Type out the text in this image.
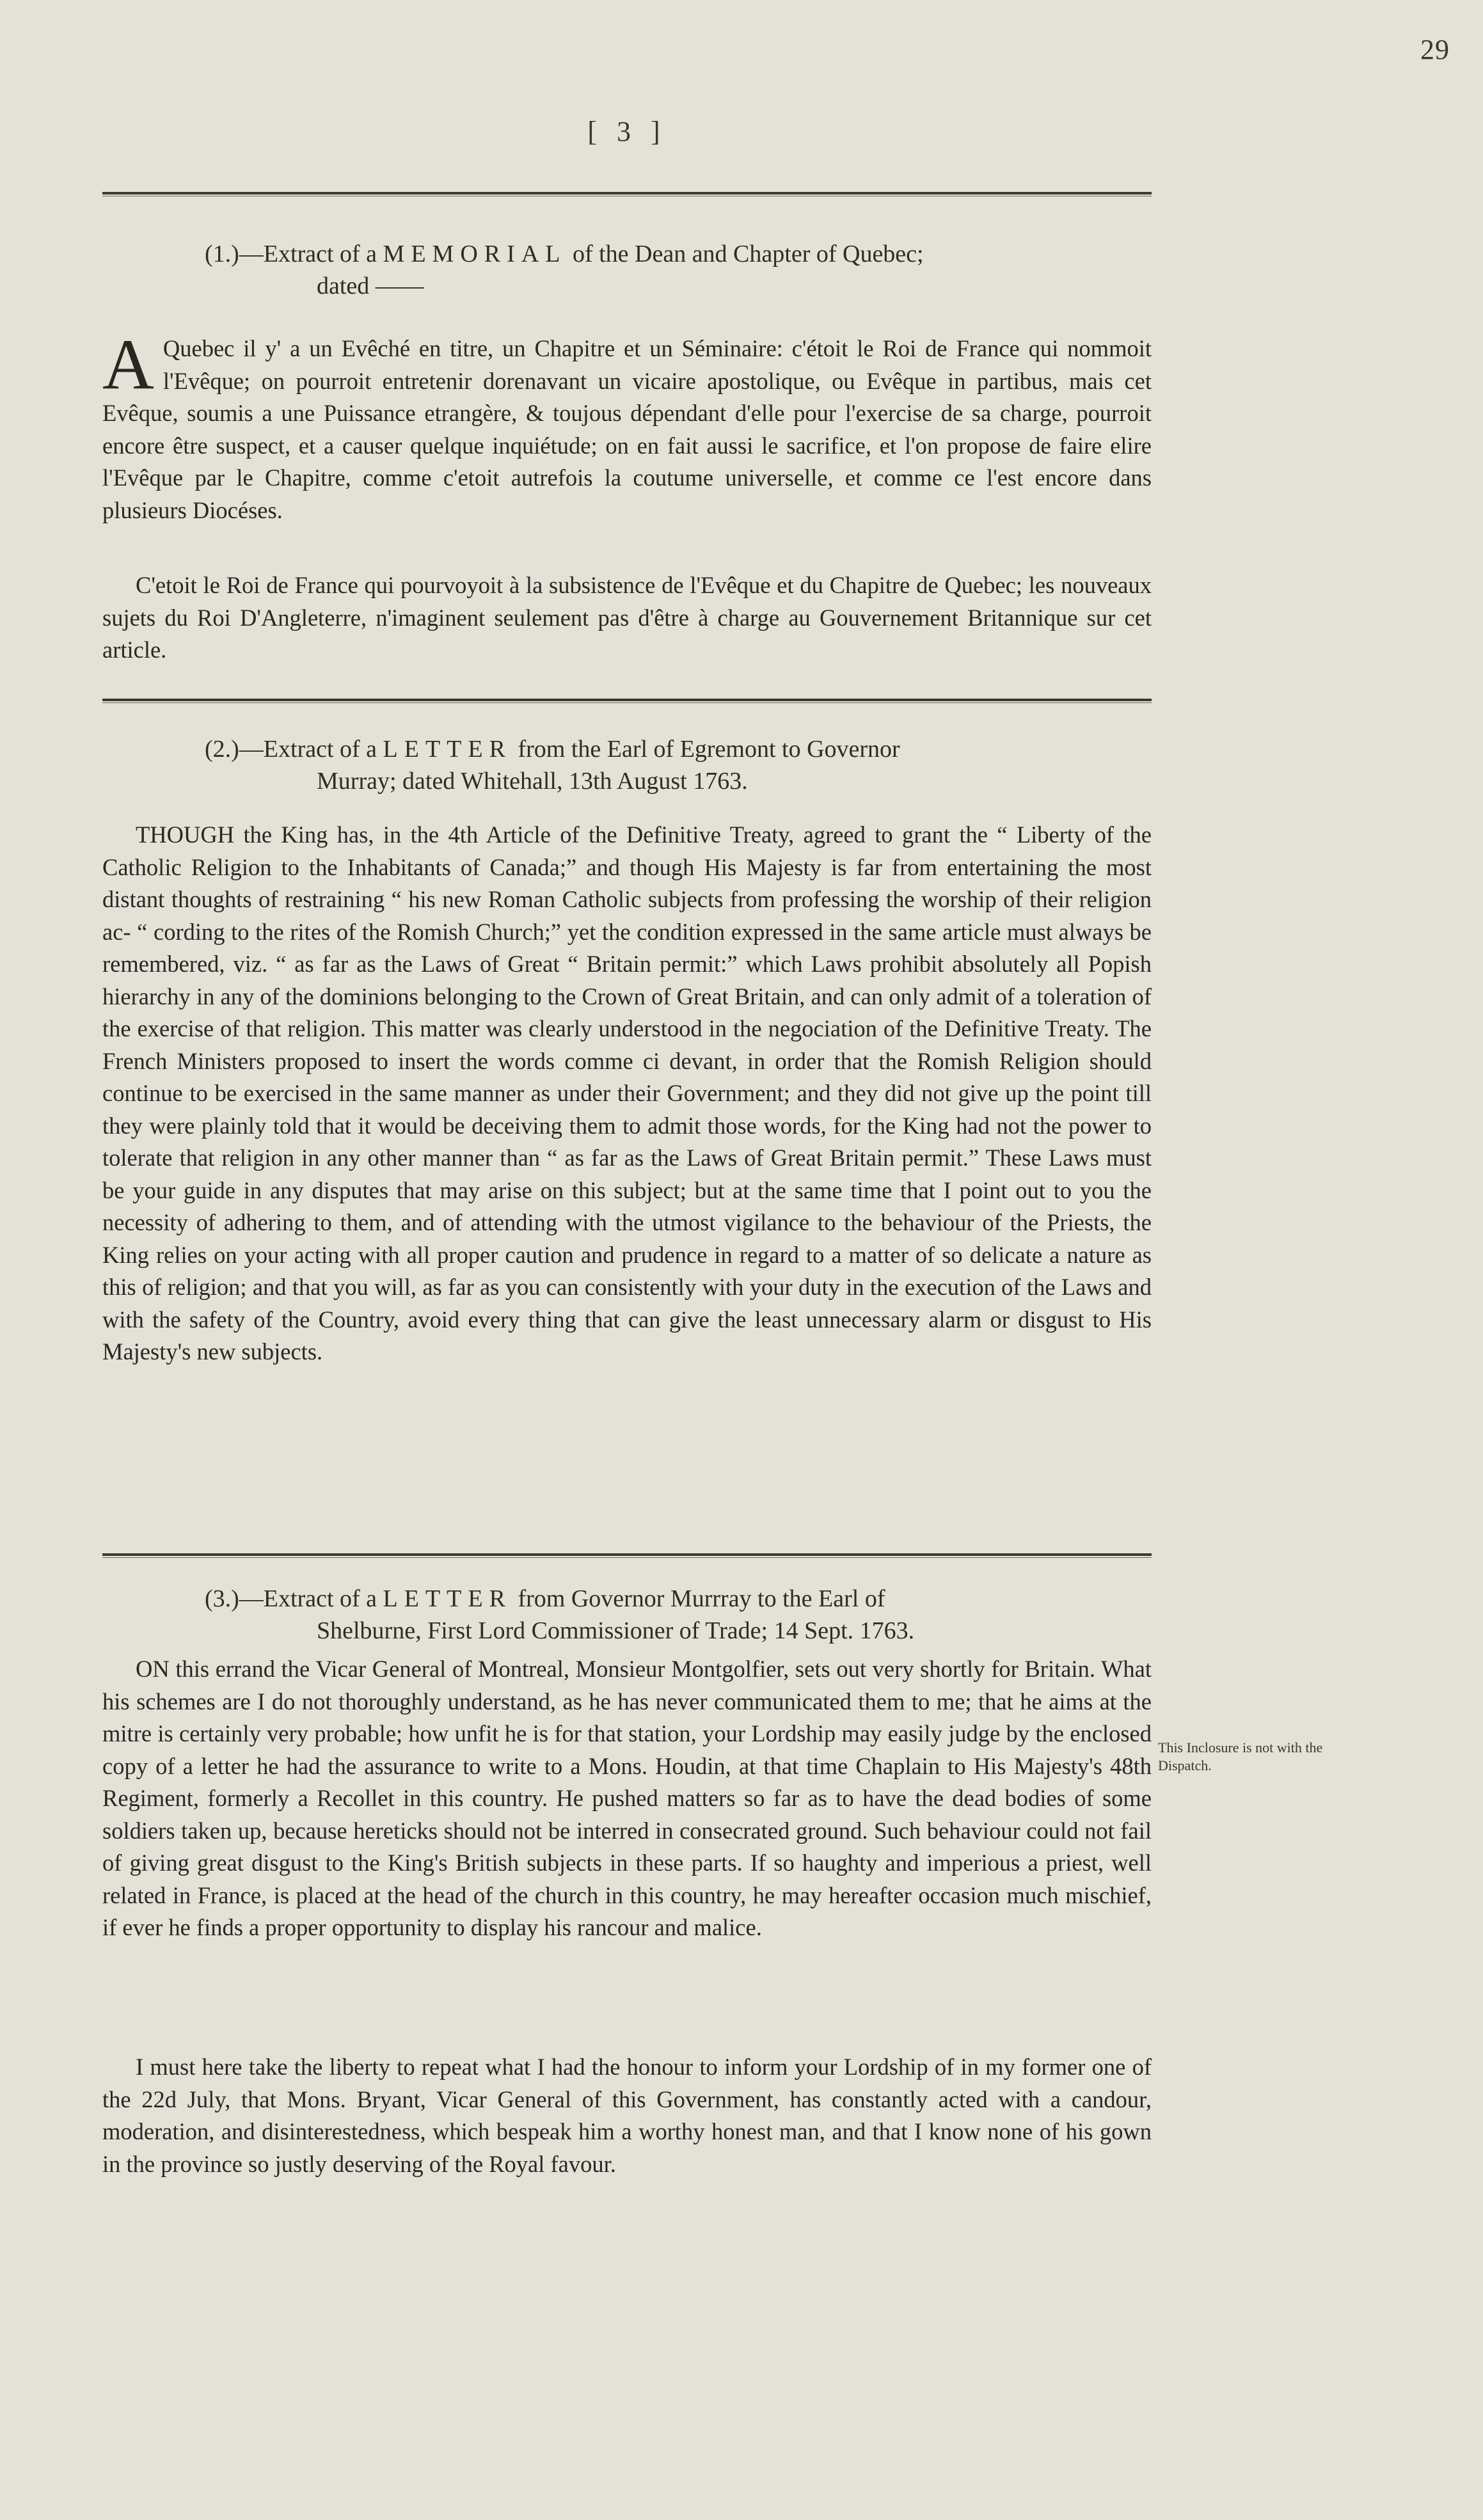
29
[ 3 ]
(1.)—Extract of a MEMORIAL of the Dean and Chapter of Quebec;
dated ——

A Quebec il y' a un Evêché en titre, un Chapitre et un Séminaire: c'étoit le Roi de France qui nommoit l'Evêque; on pourroit entretenir dorenavant un vicaire apostolique, ou Evêque in partibus, mais cet Evêque, soumis a une Puissance etrangère, & toujous dépendant d'elle pour l'exercise de sa charge, pourroit encore être suspect, et a causer quelque inquiétude; on en fait aussi le sacrifice, et l'on propose de faire elire l'Evêque par le Chapitre, comme c'etoit autrefois la coutume universelle, et comme ce l'est encore dans plusieurs Diocéses.

C'etoit le Roi de France qui pourvoyoit à la subsistence de l'Evêque et du Chapitre de Quebec; les nouveaux sujets du Roi D'Angleterre, n'imaginent seulement pas d'être à charge au Gouvernement Britannique sur cet article.

(2.)—Extract of a LETTER from the Earl of Egremont to Governor
Murray; dated Whitehall, 13th August 1763.

THOUGH the King has, in the 4th Article of the Definitive Treaty, agreed to grant the “ Liberty of the Catholic Religion to the Inhabitants of Canada;” and though His Majesty is far from entertaining the most distant thoughts of restraining “ his new Roman Catholic subjects from professing the worship of their religion ac- “ cording to the rites of the Romish Church;” yet the condition expressed in the same article must always be remembered, viz. “ as far as the Laws of Great “ Britain permit:” which Laws prohibit absolutely all Popish hierarchy in any of the dominions belonging to the Crown of Great Britain, and can only admit of a toleration of the exercise of that religion. This matter was clearly understood in the negociation of the Definitive Treaty. The French Ministers proposed to insert the words comme ci devant, in order that the Romish Religion should continue to be exercised in the same manner as under their Government; and they did not give up the point till they were plainly told that it would be deceiving them to admit those words, for the King had not the power to tolerate that religion in any other manner than “ as far as the Laws of Great Britain permit.” These Laws must be your guide in any disputes that may arise on this subject; but at the same time that I point out to you the necessity of adhering to them, and of attending with the utmost vigilance to the behaviour of the Priests, the King relies on your acting with all proper caution and prudence in regard to a matter of so delicate a nature as this of religion; and that you will, as far as you can consistently with your duty in the execution of the Laws and with the safety of the Country, avoid every thing that can give the least unnecessary alarm or disgust to His Majesty's new subjects.

(3.)—Extract of a LETTER from Governor Murrray to the Earl of
Shelburne, First Lord Commissioner of Trade; 14 Sept. 1763.

ON this errand the Vicar General of Montreal, Monsieur Montgolfier, sets out very shortly for Britain. What his schemes are I do not thoroughly understand, as he has never communicated them to me; that he aims at the mitre is certainly very probable; how unfit he is for that station, your Lordship may easily judge by the enclosed copy of a letter he had the assurance to write to a Mons. Houdin, at that time Chaplain to His Majesty's 48th Regiment, formerly a Recollet in this country. He pushed matters so far as to have the dead bodies of some soldiers taken up, because hereticks should not be interred in consecrated ground. Such behaviour could not fail of giving great disgust to the King's British subjects in these parts. If so haughty and imperious a priest, well related in France, is placed at the head of the church in this country, he may hereafter occasion much mischief, if ever he finds a proper opportunity to display his rancour and malice.

I must here take the liberty to repeat what I had the honour to inform your Lordship of in my former one of the 22d July, that Mons. Bryant, Vicar General of this Government, has constantly acted with a candour, moderation, and disinterestedness, which bespeak him a worthy honest man, and that I know none of his gown in the province so justly deserving of the Royal favour.

This Inclosure is not with the Dispatch.
